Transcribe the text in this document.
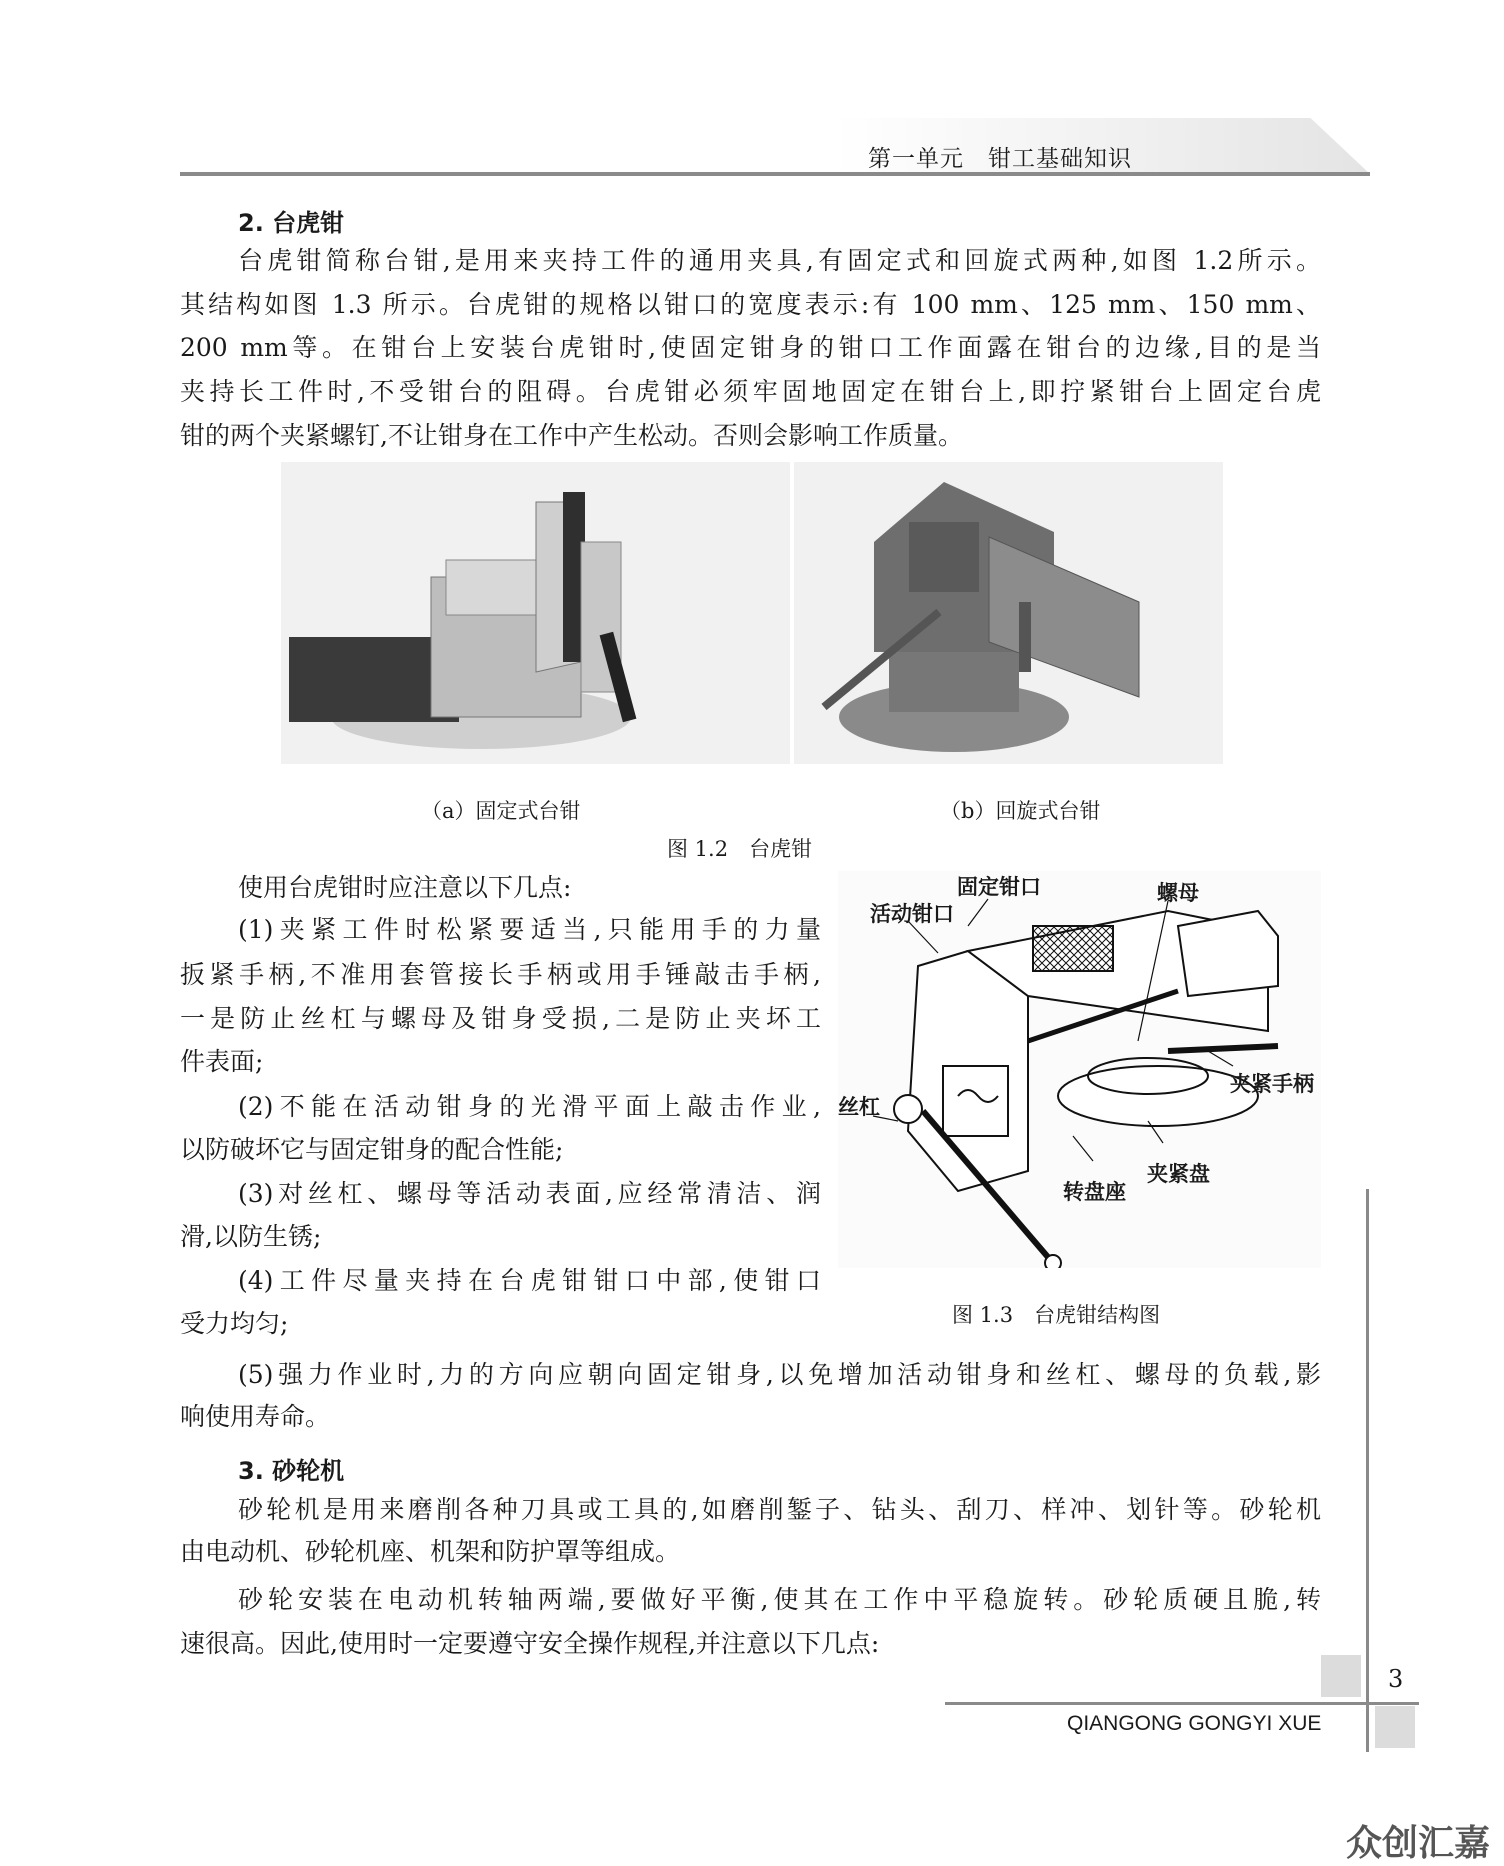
第一单元　钳工基础知识
2. 台虎钳
台虎钳简称台钳,是用来夹持工件的通用夹具,有固定式和回旋式两种,如图 1.2所示。
其结构如图 1.3 所示。台虎钳的规格以钳口的宽度表示:有 100 mm、125 mm、150 mm、
200 mm等。在钳台上安装台虎钳时,使固定钳身的钳口工作面露在钳台的边缘,目的是当
夹持长工件时,不受钳台的阻碍。台虎钳必须牢固地固定在钳台上,即拧紧钳台上固定台虎
钳的两个夹紧螺钉,不让钳身在工作中产生松动。否则会影响工作质量。
（a）固定式台钳	（b）回旋式台钳
图 1.2　台虎钳
使用台虎钳时应注意以下几点:
(1)夹紧工件时松紧要适当,只能用手的力量
扳紧手柄,不准用套管接长手柄或用手锤敲击手柄,
一是防止丝杠与螺母及钳身受损,二是防止夹坏工
件表面;
(2)不能在活动钳身的光滑平面上敲击作业,
以防破坏它与固定钳身的配合性能;
(3)对丝杠、螺母等活动表面,应经常清洁、润
滑,以防生锈;
(4)工件尽量夹持在台虎钳钳口中部,使钳口
受力均匀;
固定钳口
活动钳口
螺母
夹紧手柄
丝杠
夹紧盘
转盘座
图 1.3　台虎钳结构图
(5)强力作业时,力的方向应朝向固定钳身,以免增加活动钳身和丝杠、螺母的负载,影
响使用寿命。
3. 砂轮机
砂轮机是用来磨削各种刀具或工具的,如磨削錾子、钻头、刮刀、样冲、划针等。砂轮机
由电动机、砂轮机座、机架和防护罩等组成。
砂轮安装在电动机转轴两端,要做好平衡,使其在工作中平稳旋转。砂轮质硬且脆,转
速很高。因此,使用时一定要遵守安全操作规程,并注意以下几点:
3
QIANGONG GONGYI XUE
众创汇嘉
